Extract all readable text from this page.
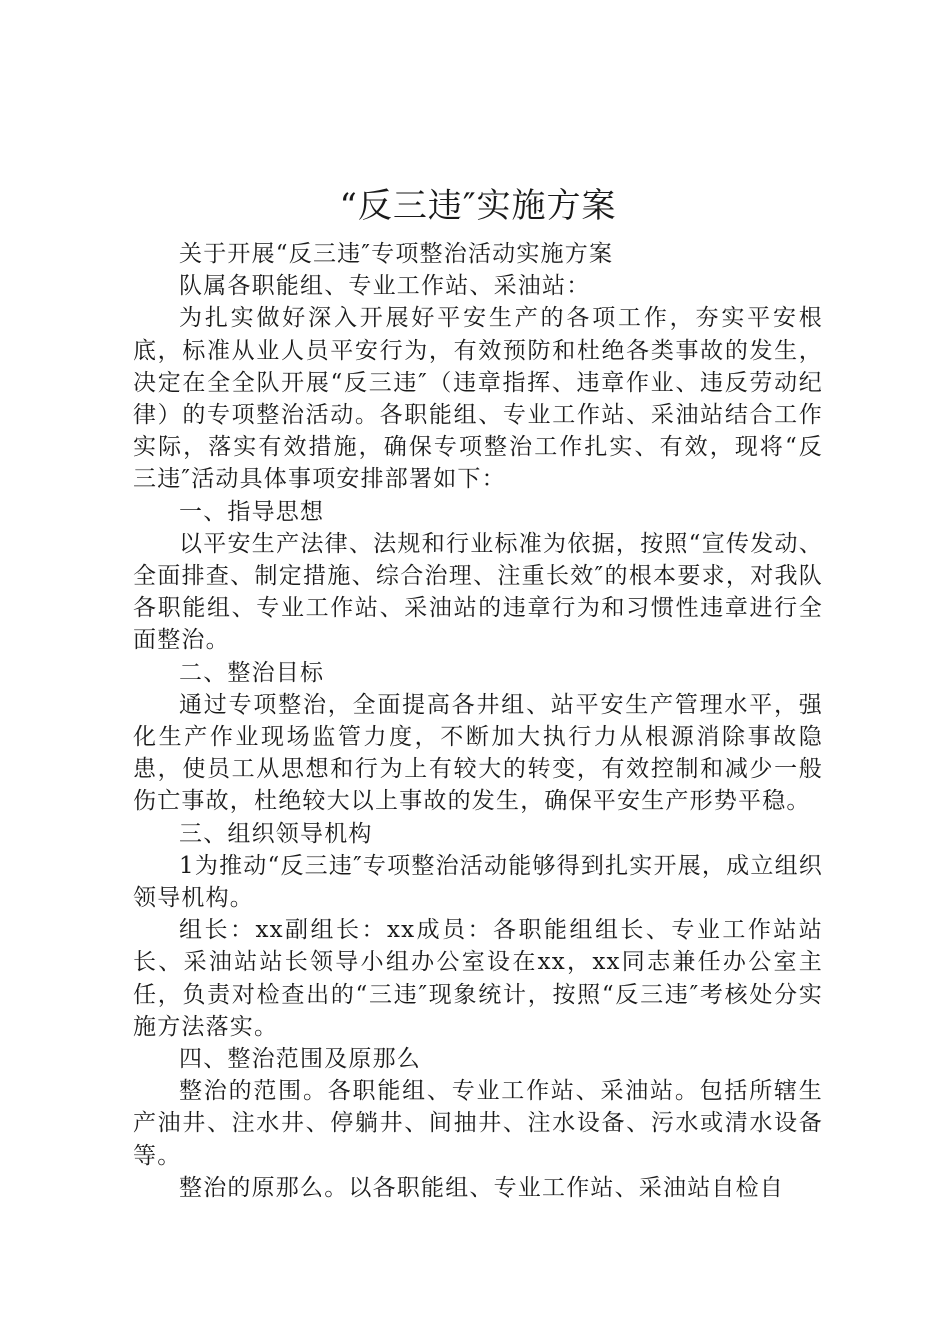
“反三违″实施方案

关于开展“反三违″专项整治活动实施方案

队属各职能组、专业工作站、采油站：

为扎实做好深入开展好平安生产的各项工作，夯实平安根底，标准从业人员平安行为，有效预防和杜绝各类事故的发生，决定在全全队开展“反三违″（违章指挥、违章作业、违反劳动纪律）的专项整治活动。各职能组、专业工作站、采油站结合工作实际，落实有效措施，确保专项整治工作扎实、有效，现将“反三违″活动具体事项安排部署如下：

一、指导思想

以平安生产法律、法规和行业标准为依据，按照“宣传发动、全面排查、制定措施、综合治理、注重长效″的根本要求，对我队各职能组、专业工作站、采油站的违章行为和习惯性违章进行全面整治。

二、整治目标

通过专项整治，全面提高各井组、站平安生产管理水平，强化生产作业现场监管力度，不断加大执行力从根源消除事故隐患，使员工从思想和行为上有较大的转变，有效控制和减少一般伤亡事故，杜绝较大以上事故的发生，确保平安生产形势平稳。

三、组织领导机构

1为推动“反三违″专项整治活动能够得到扎实开展，成立组织领导机构。

组长：xx副组长：xx成员：各职能组组长、专业工作站站长、采油站站长领导小组办公室设在xx，xx同志兼任办公室主任，负责对检查出的“三违″现象统计，按照“反三违″考核处分实施方法落实。

四、整治范围及原那么

整治的范围。各职能组、专业工作站、采油站。包括所辖生产油井、注水井、停躺井、间抽井、注水设备、污水或清水设备等。

整治的原那么。以各职能组、专业工作站、采油站自检自
